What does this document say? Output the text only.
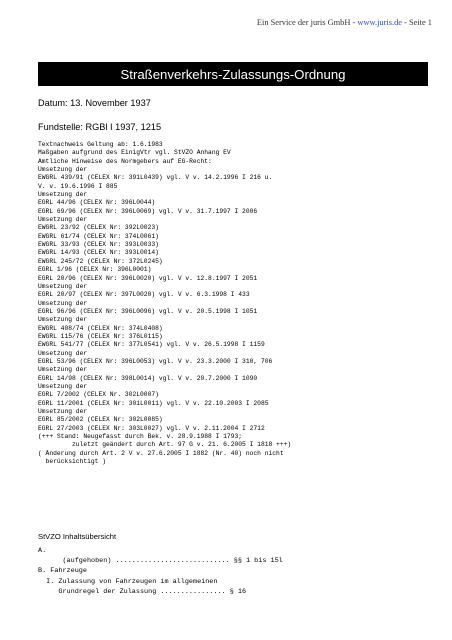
Ein Service der juris GmbH - www.juris.de - Seite 1
Straßenverkehrs-Zulassungs-Ordnung
Datum: 13. November 1937
Fundstelle: RGBl I 1937, 1215
Textnachweis Geltung ab: 1.6.1983
Maßgaben aufgrund des EinigVtr vgl. StVZO Anhang EV
Amtliche Hinweise des Normgebers auf EG-Recht:
Umsetzung der
EWGRL 439/91 (CELEX Nr: 391L0439) vgl. V v. 14.2.1996 I 216 u.
V. v. 19.6.1996 I 885
Umsetzung der
EGRL 44/96 (CELEX Nr: 396L0044)
EGRL 69/96 (CELEX Nr: 396L0069) vgl. V v. 31.7.1997 I 2006
Umsetzung der
EWGRL 23/92 (CELEX Nr: 392L0023)
EWGRL 61/74 (CELEX Nr: 374L0061)
EWGRL 33/93 (CELEX Nr: 393L0033)
EWGRL 14/93 (CELEX Nr: 393L0014)
EWGRL 245/72 (CELEX Nr: 372L0245)
EGRL 1/96 (CELEX Nr: 396L0001)
EGRL 20/96 (CELEX Nr: 396L0020) vgl. V v. 12.8.1997 I 2051
Umsetzung der
EGRL 20/97 (CELEX Nr: 397L0020) vgl. V v. 6.3.1998 I 433
Umsetzung der
EGRL 96/96 (CELEX Nr: 396L0096) vgl. V v. 20.5.1998 I 1051
Umsetzung der
EWGRL 408/74 (CELEX Nr: 374L0408)
EWGRL 115/76 (CELEX Nr: 376L0115)
EWGRL 541/77 (CELEX Nr: 377L0541) vgl. V v. 26.5.1998 I 1159
Umsetzung der
EGRL 53/96 (CELEX Nr: 396L0053) vgl. V v. 23.3.2000 I 310, 706
Umsetzung der
EGRL 14/98 (CELEX Nr: 398L0014) vgl. V v. 20.7.2000 I 1090
Umsetzung der
EGRL 7/2002 (CELEX Nr. 302L0007)
EGRL 11/2001 (CELEX Nr: 301L0011) vgl. V v. 22.10.2003 I 2085
Umsetzung der
EGRL 85/2002 (CELEX Nr: 302L0085)
EGRL 27/2003 (CELEX Nr: 303L0027) vgl. V v. 2.11.2004 I 2712
(+++ Stand: Neugefasst durch Bek. v. 28.9.1988 I 1793;
zuletzt geändert durch Art. 97 G v. 21. 6.2005 I 1818 +++)
( Änderung durch Art. 2 V v. 27.6.2005 I 1882 (Nr. 40) noch nicht
berücksichtigt )
StVZO Inhaltsübersicht
A.
(aufgehoben) ............................ §§ 1 bis 15l
B. Fahrzeuge
I. Zulassung von Fahrzeugen im allgemeinen
Grundregel der Zulassung ................ § 16
